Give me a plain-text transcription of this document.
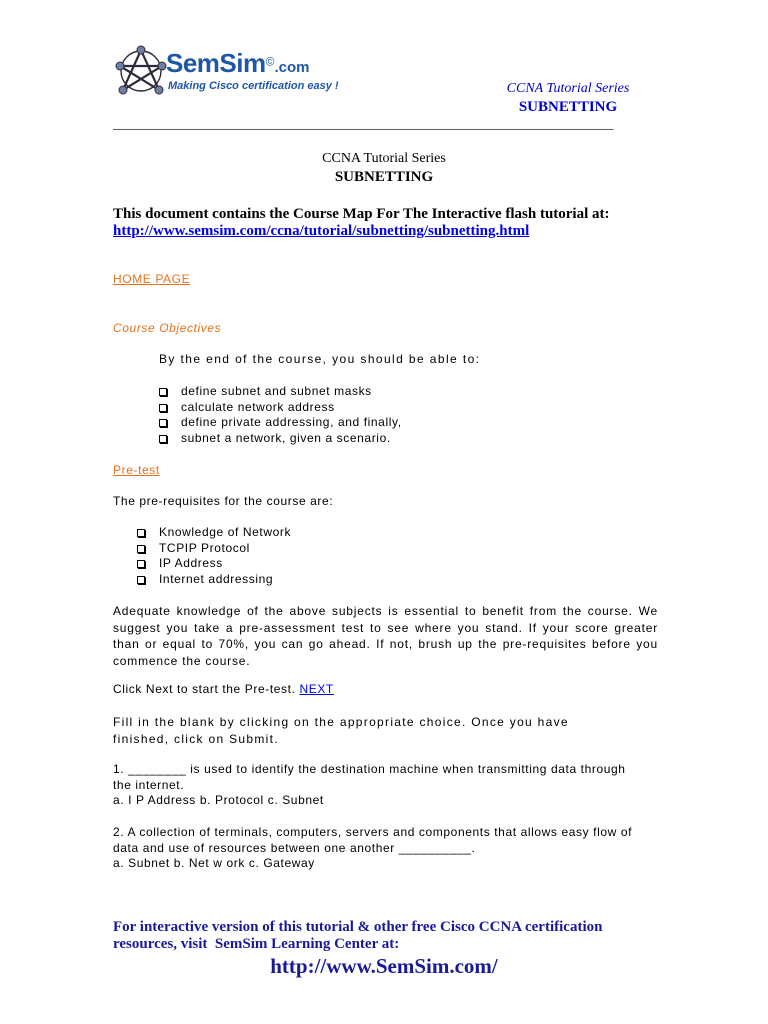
SemSim©.com
Making Cisco certification easy !	CCNA Tutorial Series
SUBNETTING
_____________________________________________________________________________
CCNA Tutorial Series
SUBNETTING
This document contains the Course Map For The Interactive flash tutorial at:
http://www.semsim.com/ccna/tutorial/subnetting/subnetting.html
HOME PAGE
Course Objectives
By the end of the course, you should be able to:
define subnet and subnet masks
calculate network address
define private addressing, and finally,
subnet a network, given a scenario.
Pre-test
The pre-requisites for the course are:
Knowledge of Network
TCPIP Protocol
IP Address
Internet addressing
Adequate knowledge of the above subjects is essential to benefit from the course. We suggest you take a pre-assessment test to see where you stand. If your score greater than or equal to 70%, you can go ahead. If not, brush up the pre-requisites before you commence the course.
Click Next to start the Pre-test. NEXT
Fill in the blank by clicking on the appropriate choice. Once you have finished, click on Submit.
1. ________ is used to identify the destination machine when transmitting data through the internet.
a. I P Address b. Protocol c. Subnet
2. A collection of terminals, computers, servers and components that allows easy flow of data and use of resources between one another __________.
a. Subnet b. Net w ork c. Gateway
For interactive version of this tutorial & other free Cisco CCNA certification
resources, visit  SemSim Learning Center at:
http://www.SemSim.com/
